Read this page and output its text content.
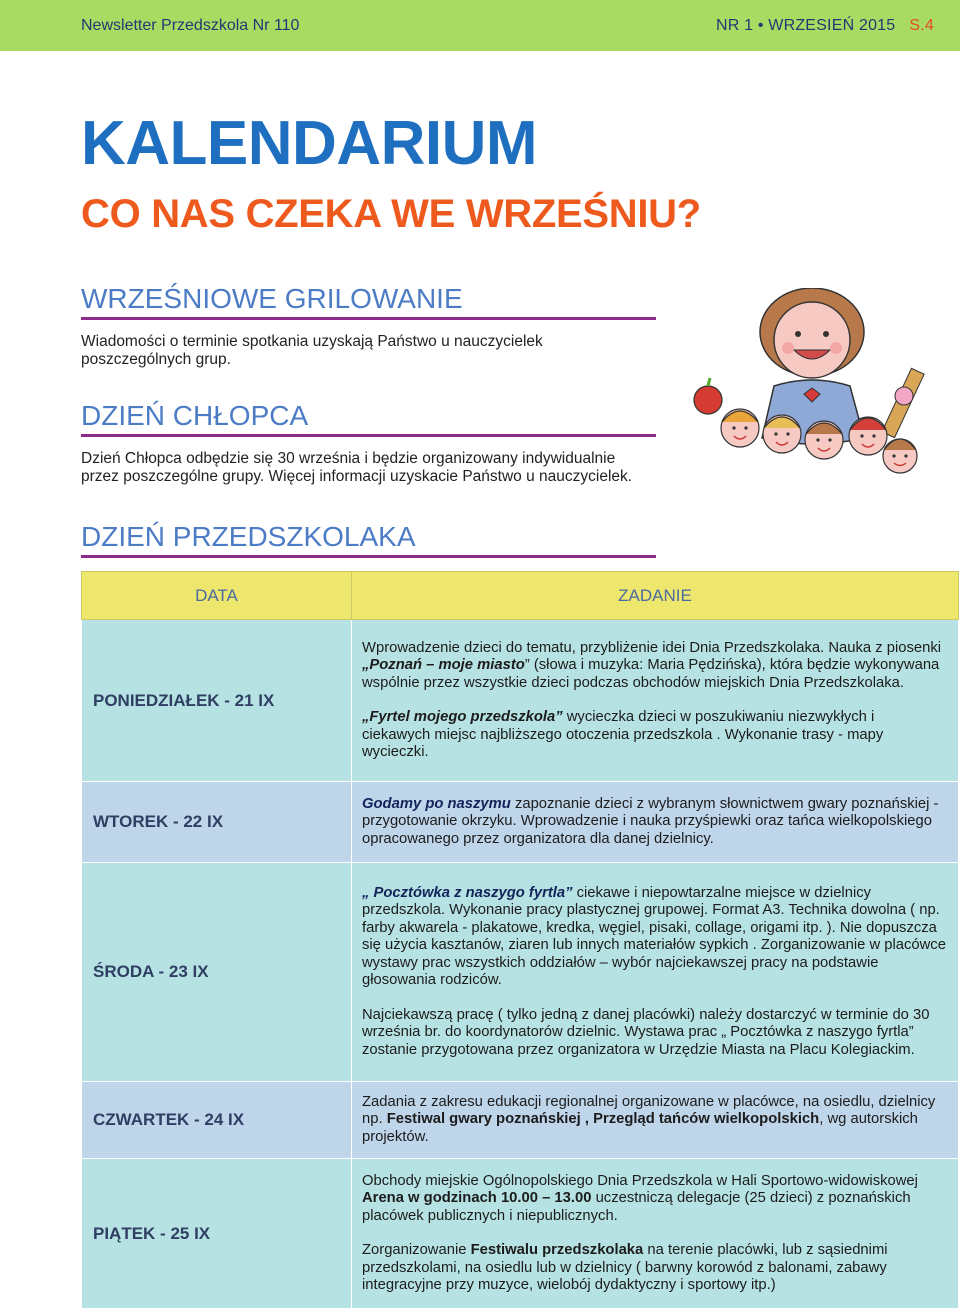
Newsletter Przedszkola Nr 110	NR 1 • WRZESIEŃ 2015 S.4
KALENDARIUM
CO NAS CZEKA WE WRZEŚNIU?
WRZEŚNIOWE GRILOWANIE
Wiadomości o terminie spotkania uzyskają Państwo u nauczycielek
poszczególnych grup.
DZIEŃ CHŁOPCA
Dzień Chłopca odbędzie się 30 września i będzie organizowany indywidualnie
przez poszczególne grupy. Więcej informacji uzyskacie Państwo u nauczycielek.
DZIEŃ PRZEDSZKOLAKA
DATA	ZADANIE
PONIEDZIAŁEK - 21 IX	Wprowadzenie dzieci do tematu, przybliżenie idei Dnia Przedszkolaka. Nauka z piosenki „Poznań – moje miasto” (słowa i muzyka: Maria Pędzińska), która będzie wykonywana wspólnie przez wszystkie dzieci podczas obchodów miejskich Dnia Przedszkolaka.
„Fyrtel mojego przedszkola” wycieczka dzieci w poszukiwaniu niezwykłych i ciekawych miejsc najbliższego otoczenia przedszkola . Wykonanie trasy - mapy wycieczki.

WTOREK - 22 IX	Godamy po naszymu zapoznanie dzieci z wybranym słownictwem gwary poznańskiej - przygotowanie okrzyku. Wprowadzenie i nauka przyśpiewki oraz tańca wielkopolskiego opracowanego przez organizatora dla danej dzielnicy.

ŚRODA - 23 IX	„ Pocztówka z naszygo fyrtla” ciekawe i niepowtarzalne miejsce w dzielnicy przedszkola. Wykonanie pracy plastycznej grupowej. Format A3. Technika dowolna ( np. farby akwarela - plakatowe, kredka, węgiel, pisaki, collage, origami itp. ). Nie dopuszcza się użycia kasztanów, ziaren lub innych materiałów sypkich . Zorganizowanie w placówce wystawy prac wszystkich oddziałów – wybór najciekawszej pracy na podstawie głosowania rodziców.
Najciekawszą pracę ( tylko jedną z danej placówki) należy dostarczyć w terminie do 30 września br. do koordynatorów dzielnic. Wystawa prac „ Pocztówka z naszygo fyrtla” zostanie przygotowana przez organizatora w Urzędzie Miasta na Placu Kolegiackim.

CZWARTEK - 24 IX	Zadania z zakresu edukacji regionalnej organizowane w placówce, na osiedlu, dzielnicy np. Festiwal gwary poznańskiej , Przegląd tańców wielkopolskich, wg autorskich projektów.

PIĄTEK - 25 IX	Obchody miejskie Ogólnopolskiego Dnia Przedszkola w Hali Sportowo-widowiskowej Arena w godzinach 10.00 – 13.00 uczestniczą delegacje (25 dzieci) z poznańskich placówek publicznych i niepublicznych.
Zorganizowanie Festiwalu przedszkolaka na terenie placówki, lub z sąsiednimi przedszkolami, na osiedlu lub w dzielnicy ( barwny korowód z balonami, zabawy integracyjne przy muzyce, wielobój dydaktyczny i sportowy itp.)
